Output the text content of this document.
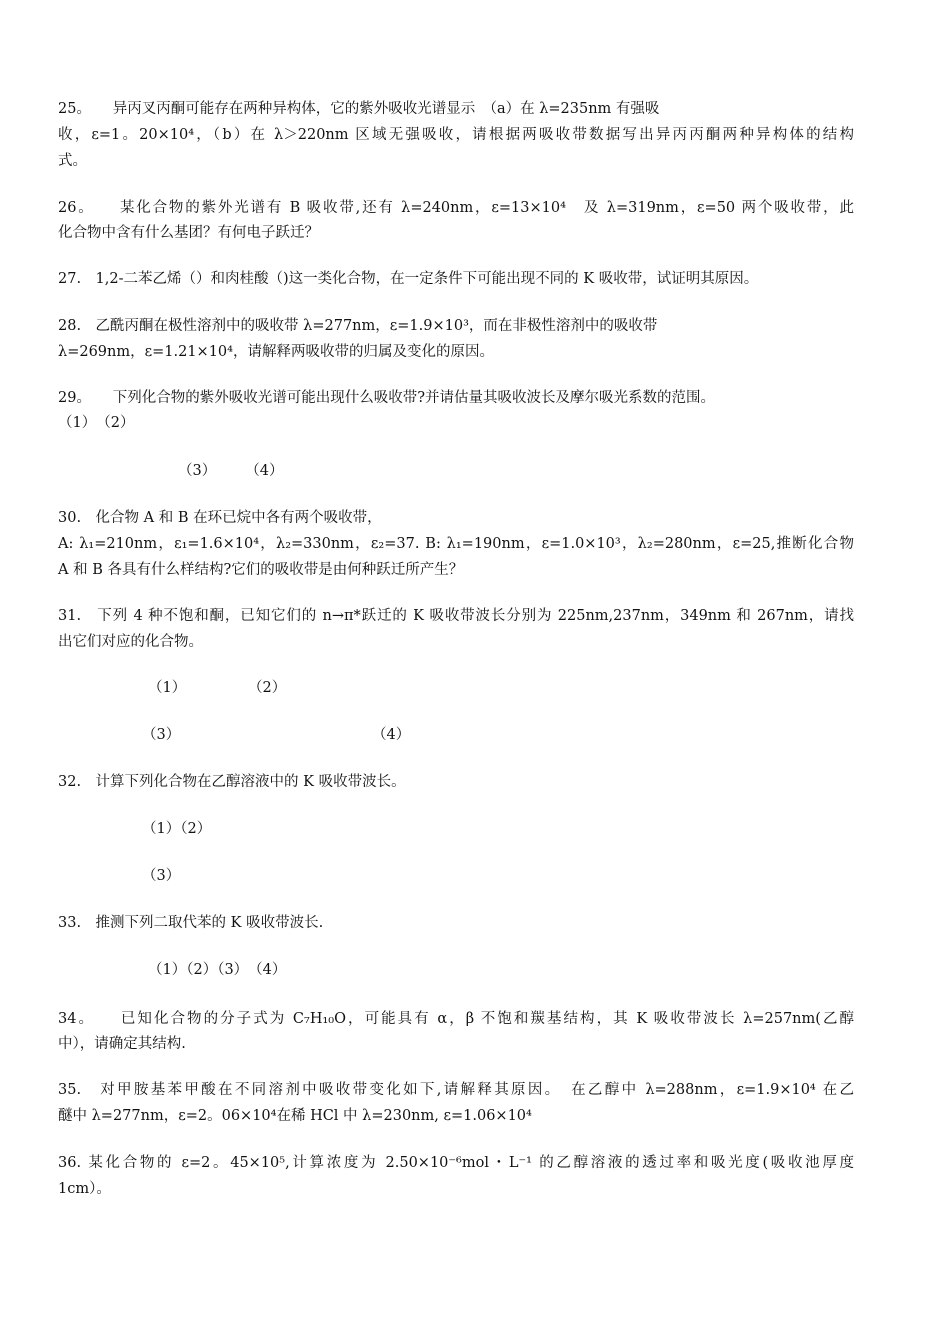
25。　　异丙叉丙酮可能存在两种异构体，它的紫外吸收光谱显示　（a）在 λ=235nm 有强吸
收，ε=1。20×10⁴，（b）在 λ＞220nm 区域无强吸收，请根据两吸收带数据写出异丙丙酮两种异构体的结构
式。
26。　　某化合物的紫外光谱有 B 吸收带,还有 λ=240nm，ε=13×10⁴　及 λ=319nm，ε=50 两个吸收带，此
化合物中含有什么基团？有何电子跃迁？
27.　1,2-二苯乙烯（）和肉桂酸（)这一类化合物，在一定条件下可能出现不同的 K 吸收带，试证明其原因。
28.　乙酰丙酮在极性溶剂中的吸收带 λ=277nm，ε=1.9×10³，而在非极性溶剂中的吸收带
λ=269nm，ε=1.21×10⁴，请解释两吸收带的归属及变化的原因。
29。　　下列化合物的紫外吸收光谱可能出现什么吸收带?并请估量其吸收波长及摩尔吸光系数的范围。
（1）　（2）
（3）　　　（4）
30.　化合物 A 和 B 在环已烷中各有两个吸收带，
A: λ₁=210nm，ε₁=1.6×10⁴，λ₂=330nm，ε₂=37. B: λ₁=190nm，ε=1.0×10³，λ₂=280nm，ε=25,推断化合物
A 和 B 各具有什么样结构?它们的吸收带是由何种跃迁所产生？
31.　下列 4 种不饱和酮，已知它们的 n→π*跃迁的 K 吸收带波长分别为 225nm,237nm，349nm 和 267nm，请找
出它们对应的化合物。
（1）	（2）
（3）	（4）
32.　计算下列化合物在乙醇溶液中的 K 吸收带波长。
（1）（2）
（3）
33.　推测下列二取代苯的 K 吸收带波长.
（1）（2）（3）　（4）
34。　　已知化合物的分子式为 C₇H₁₀O，可能具有 α，β 不饱和羰基结构，其 K 吸收带波长 λ=257nm(乙醇
中），请确定其结构.
35.　对甲胺基苯甲酸在不同溶剂中吸收带变化如下,请解释其原因。　在乙醇中 λ=288nm，ε=1.9×10⁴ 在乙
醚中 λ=277nm，ε=2。06×10⁴在稀 HCl 中 λ=230nm, ε=1.06×10⁴
36. 某化合物的 ε=2。45×10⁵,计算浓度为 2.50×10⁻⁶mol・L⁻¹ 的乙醇溶液的透过率和吸光度(吸收池厚度
1cm）。
